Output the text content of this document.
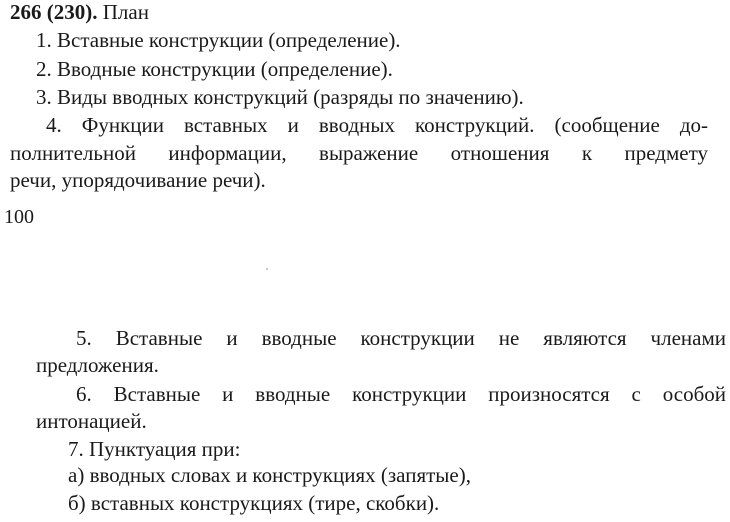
266 (230). План
1. Вставные конструкции (определение).
2. Вводные конструкции (определение).
3. Виды вводных конструкций (разряды по значению).
4. Функции вставных и вводных конструкций. (сообщение до-
полнительной информации, выражение отношения к предмету
речи, упорядочивание речи).
100
5. Вставные и вводные конструкции не являются членами
предложения.
6. Вставные и вводные конструкции произносятся с особой
интонацией.
7. Пунктуация при:
а) вводных словах и конструкциях (запятые),
б) вставных конструкциях (тире, скобки).
